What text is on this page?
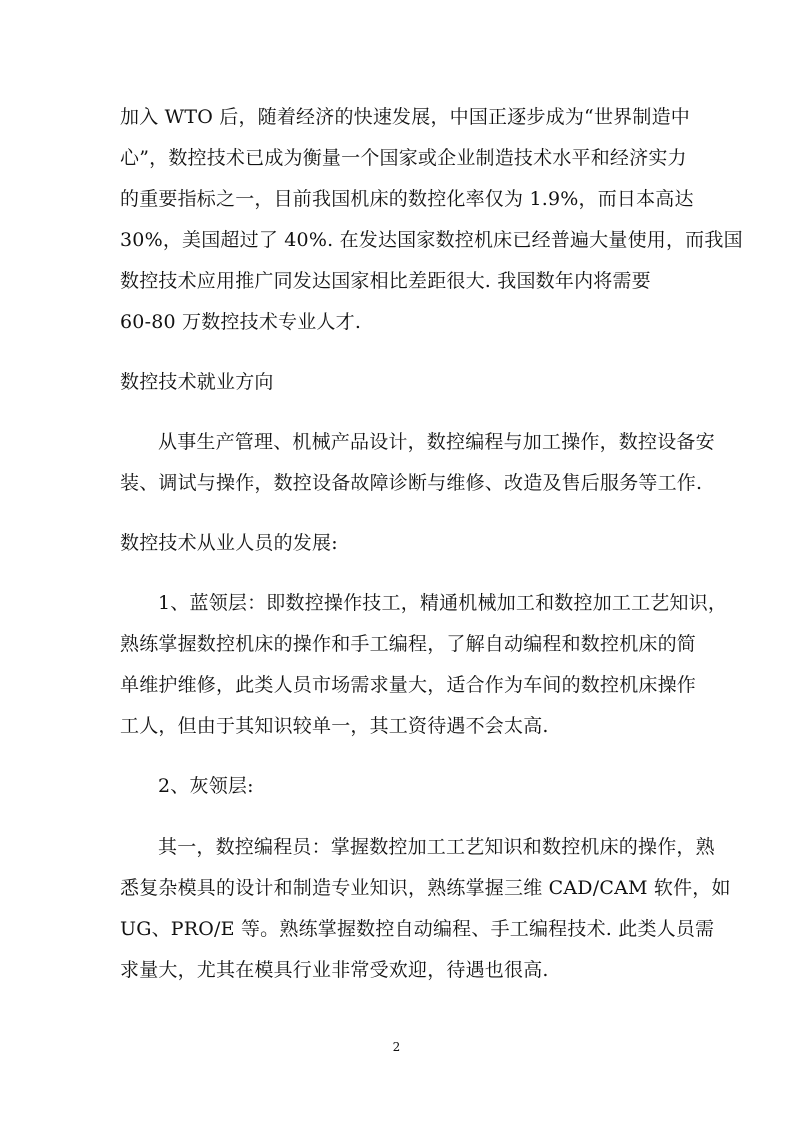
加入 WTO 后，随着经济的快速发展，中国正逐步成为“世界制造中
心”，数控技术已成为衡量一个国家或企业制造技术水平和经济实力
的重要指标之一，目前我国机床的数控化率仅为 1.9%，而日本高达
30%，美国超过了 40%. 在发达国家数控机床已经普遍大量使用，而我国
数控技术应用推广同发达国家相比差距很大. 我国数年内将需要
60-80 万数控技术专业人才.
数控技术就业方向
从事生产管理、机械产品设计，数控编程与加工操作，数控设备安
装、调试与操作，数控设备故障诊断与维修、改造及售后服务等工作.
数控技术从业人员的发展:
1、蓝领层：即数控操作技工，精通机械加工和数控加工工艺知识，
熟练掌握数控机床的操作和手工编程，了解自动编程和数控机床的简
单维护维修，此类人员市场需求量大，适合作为车间的数控机床操作
工人，但由于其知识较单一，其工资待遇不会太高.
2、灰领层:
其一，数控编程员：掌握数控加工工艺知识和数控机床的操作，熟
悉复杂模具的设计和制造专业知识，熟练掌握三维 CAD/CAM 软件，如
UG、PRO/E 等。熟练掌握数控自动编程、手工编程技术. 此类人员需
求量大，尤其在模具行业非常受欢迎，待遇也很高.
2
